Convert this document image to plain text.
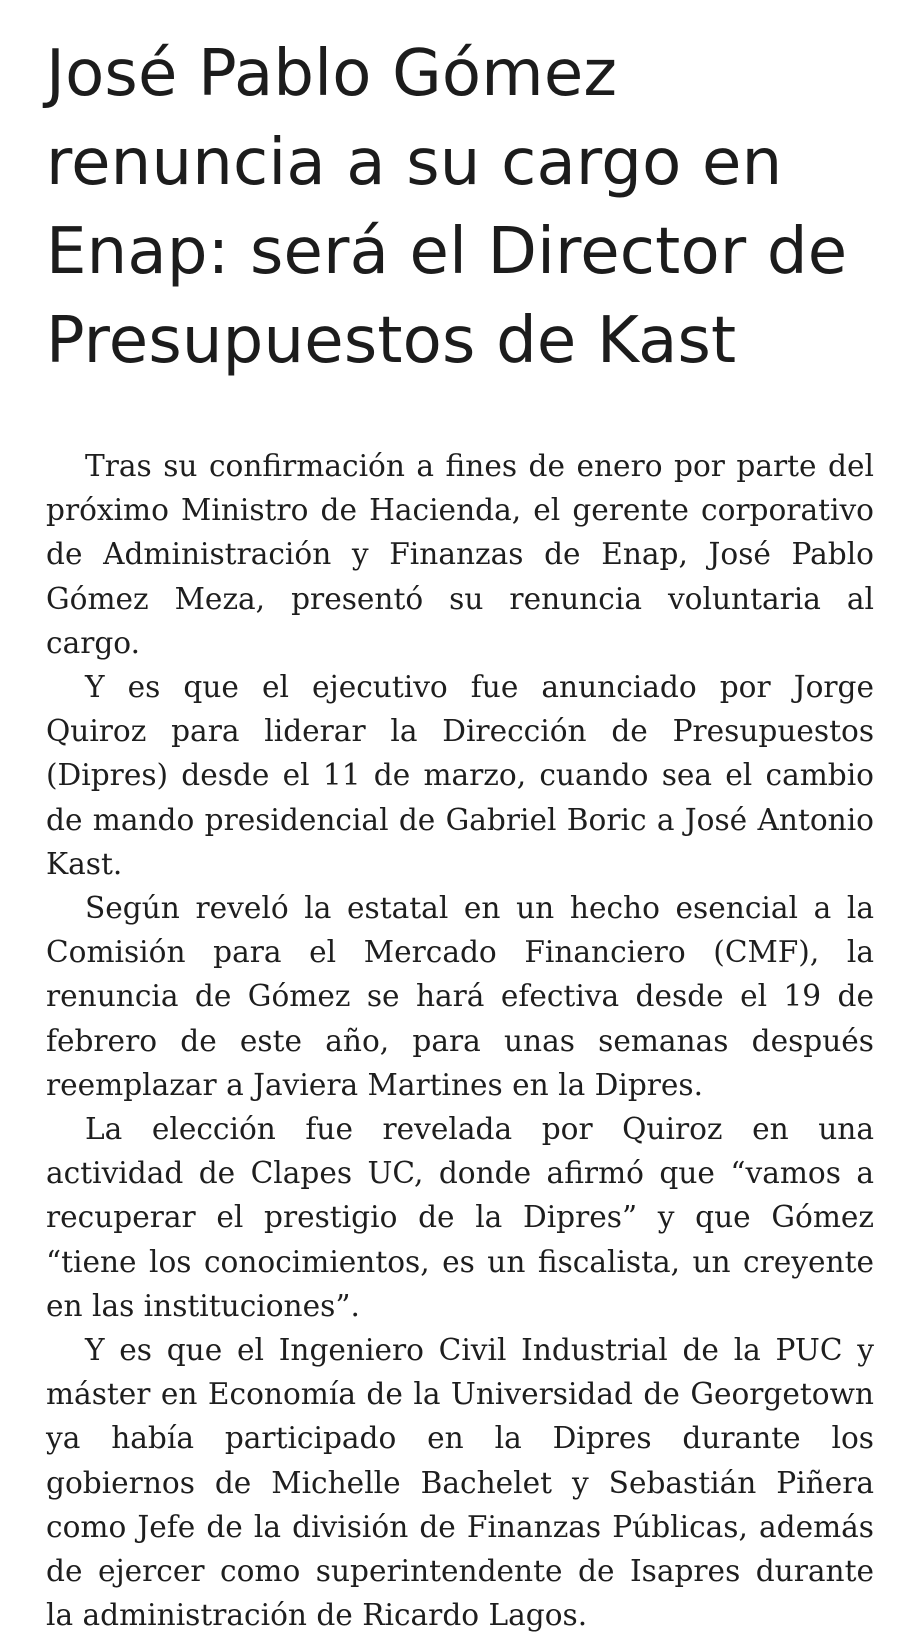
José Pablo Gómez renuncia a su cargo en Enap: será el Director de Presupuestos de Kast

Tras su confirmación a fines de enero por parte del próximo Ministro de Hacienda, el gerente corporativo de Administración y Finanzas de Enap, José Pablo Gómez Meza, presentó su renuncia voluntaria al cargo.

Y es que el ejecutivo fue anunciado por Jorge Quiroz para liderar la Dirección de Presupuestos (Dipres) desde el 11 de marzo, cuando sea el cambio de mando presidencial de Gabriel Boric a José Antonio Kast.

Según reveló la estatal en un hecho esencial a la Comisión para el Mercado Financiero (CMF), la renuncia de Gómez se hará efectiva desde el 19 de febrero de este año, para unas semanas después reemplazar a Javiera Martines en la Dipres.

La elección fue revelada por Quiroz en una actividad de Clapes UC, donde afirmó que “vamos a recuperar el prestigio de la Dipres” y que Gómez “tiene los conocimientos, es un fiscalista, un creyente en las instituciones”.

Y es que el Ingeniero Civil Industrial de la PUC y máster en Economía de la Universidad de Georgetown ya había participado en la Dipres durante los gobiernos de Michelle Bachelet y Sebastián Piñera como Jefe de la división de Finanzas Públicas, además de ejercer como superintendente de Isapres durante la administración de Ricardo Lagos.
